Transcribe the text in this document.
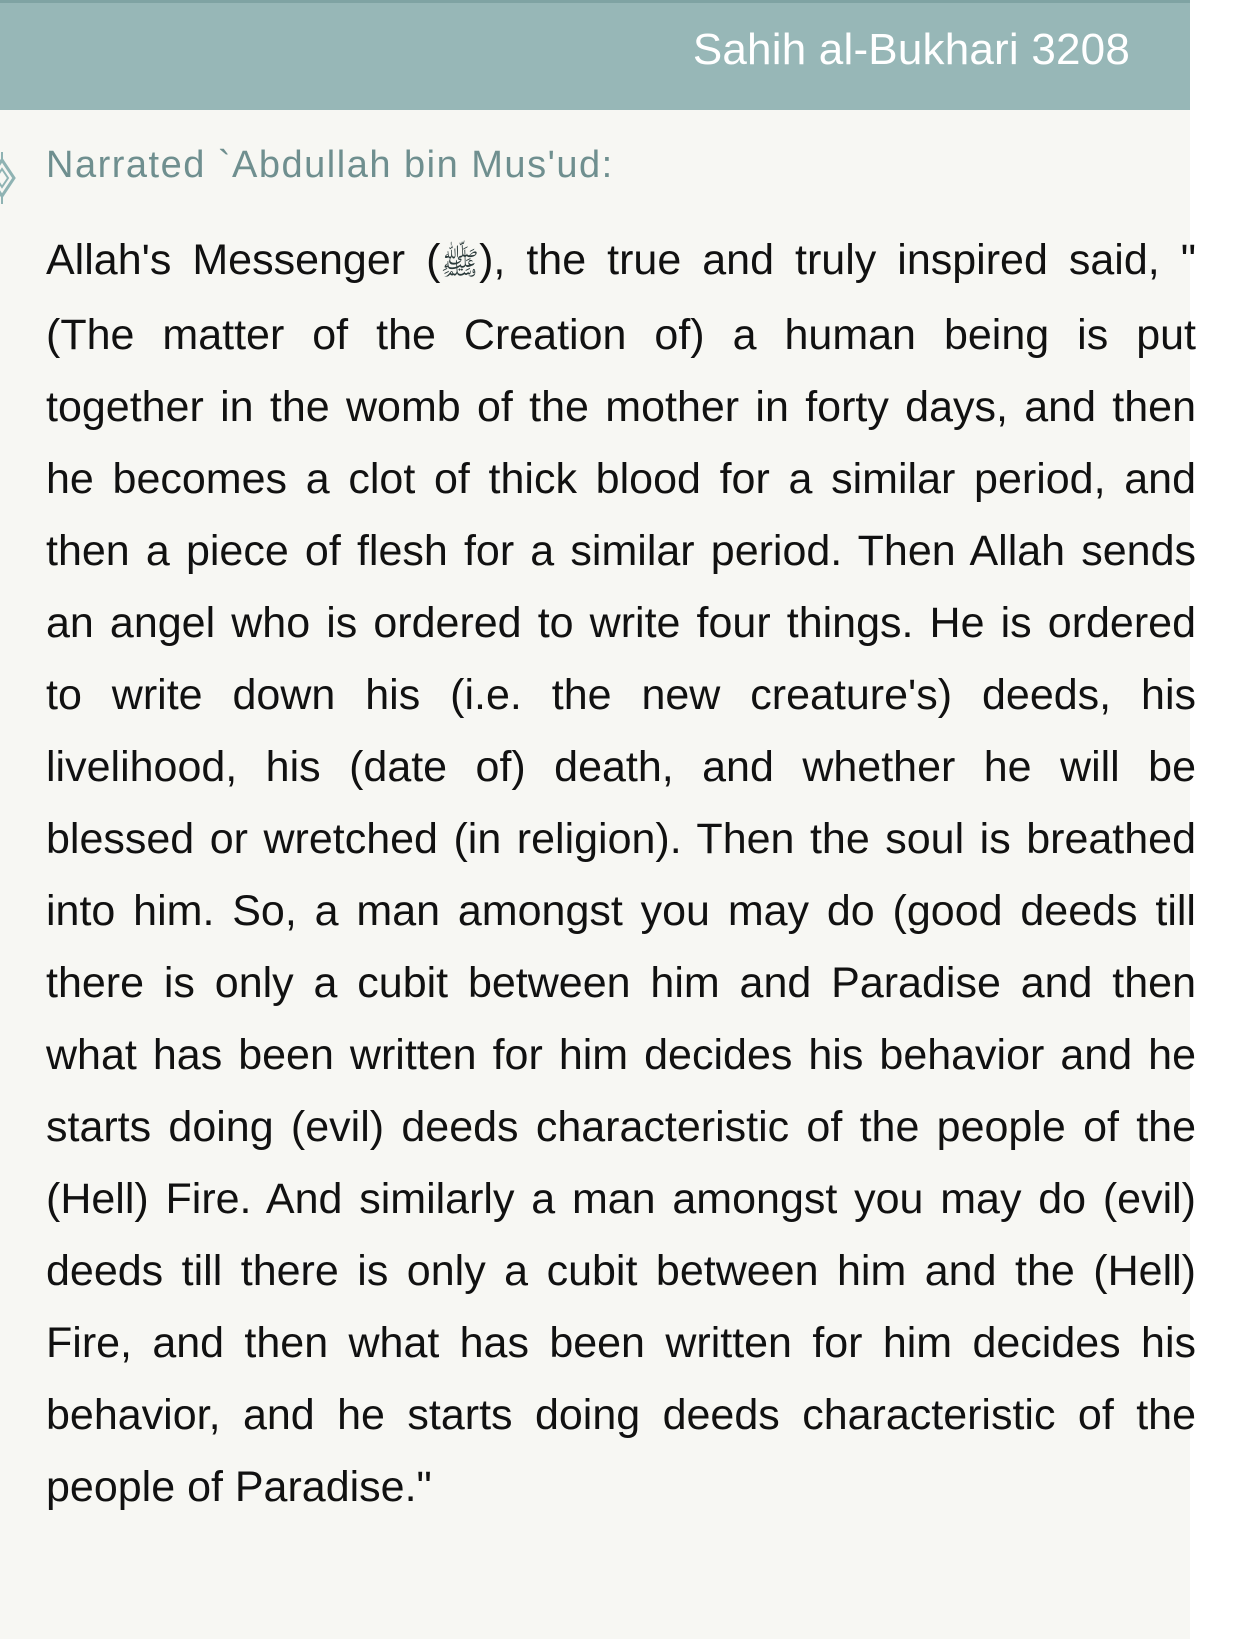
Sahih al-Bukhari 3208
Narrated `Abdullah bin Mus'ud:

Allah's Messenger (ﷺ), the true and truly inspired said, "(The matter of the Creation of) a human being is put together in the womb of the mother in forty days, and then he becomes a clot of thick blood for a similar period, and then a piece of flesh for a similar period. Then Allah sends an angel who is ordered to write four things. He is ordered to write down his (i.e. the new creature's) deeds, his livelihood, his (date of) death, and whether he will be blessed or wretched (in religion). Then the soul is breathed into him. So, a man amongst you may do (good deeds till there is only a cubit between him and Paradise and then what has been written for him decides his behavior and he starts doing (evil) deeds characteristic of the people of the (Hell) Fire. And similarly a man amongst you may do (evil) deeds till there is only a cubit between him and the (Hell) Fire, and then what has been written for him decides his behavior, and he starts doing deeds characteristic of the people of Paradise."
